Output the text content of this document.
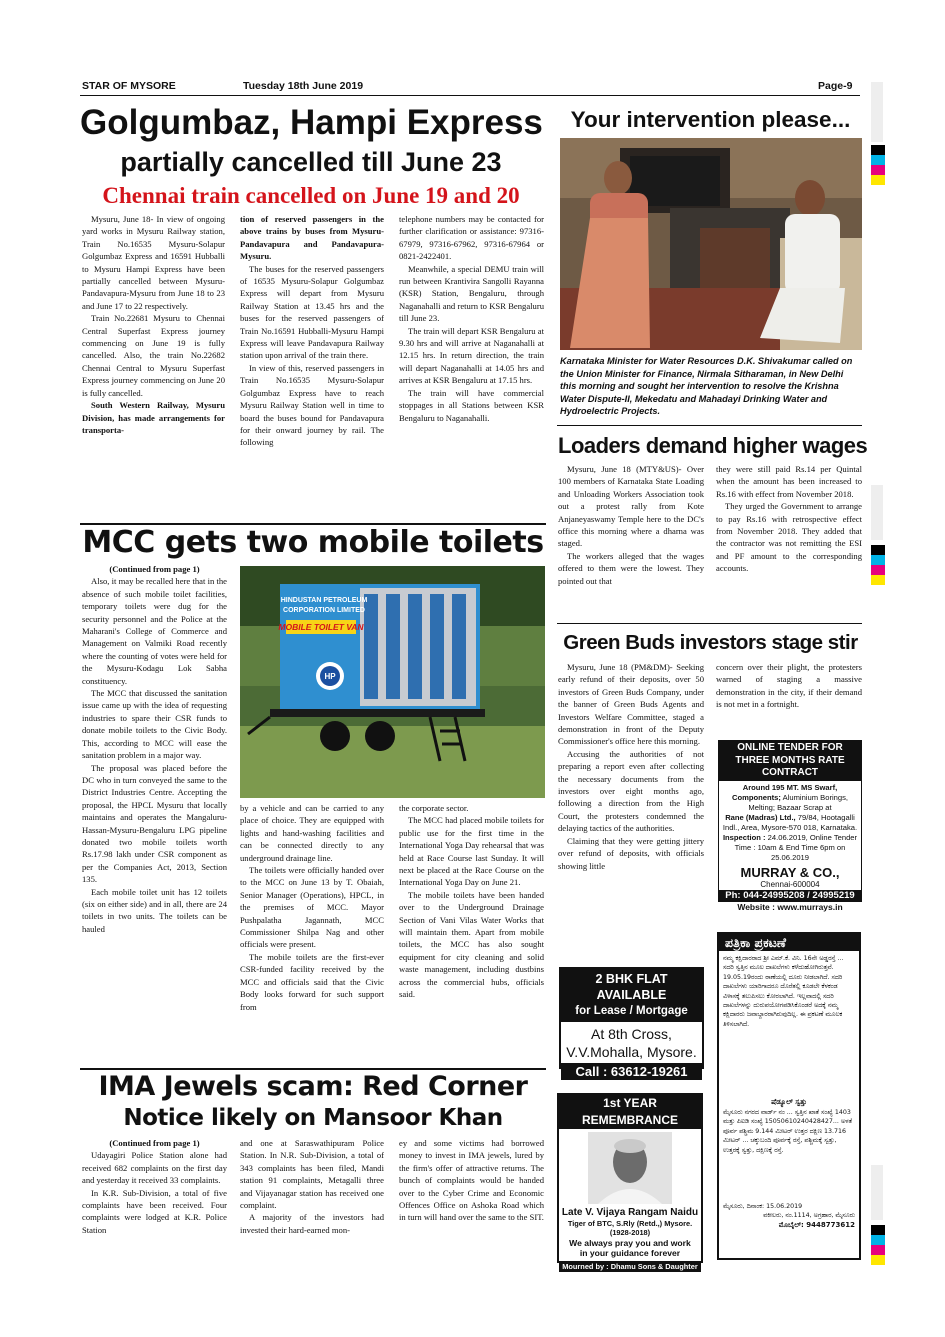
STAR OF MYSORE	Tuesday 18th June 2019	Page-9
Golgumbaz, Hampi Express
partially cancelled till June 23
Chennai train cancelled on June 19 and 20

Mysuru, June 18- In view of ongoing yard works in Mysuru Railway station, Train No.16535 Mysuru-Solapur Golgumbaz Express and 16591 Hubballi to Mysuru Hampi Express have been partially cancelled between Mysuru-Pandavapura-Mysuru from June 18 to 23 and June 17 to 22 respectively.

Train No.22681 Mysuru to Chennai Central Superfast Express journey commencing on June 19 is fully cancelled. Also, the train No.22682 Chennai Central to Mysuru Superfast Express journey commencing on June 20 is fully cancelled.

South Western Railway, Mysuru Division, has made arrangements for transporta-

tion of reserved passengers in the above trains by buses from Mysuru-Pandavapura and Pandavapura-Mysuru.

The buses for the reserved passengers of 16535 Mysuru-Solapur Golgumbaz Express will depart from Mysuru Railway Station at 13.45 hrs and the buses for the reserved passengers of Train No.16591 Hubballi-Mysuru Hampi Express will leave Pandavapura Railway station upon arrival of the train there.

In view of this, reserved passengers in Train No.16535 Mysuru-Solapur Golgumbaz Express have to reach Mysuru Railway Station well in time to board the buses bound for Pandavapura for their onward journey by rail. The following

telephone numbers may be contacted for further clarification or assistance: 97316-67979, 97316-67962, 97316-67964 or 0821-2422401.

Meanwhile, a special DEMU train will run between Krantivira Sangolli Rayanna (KSR) Station, Bengaluru, through Naganahalli and return to KSR Bengaluru till June 23.

The train will depart KSR Bengaluru at 9.30 hrs and will arrive at Naganahalli at 12.15 hrs. In return direction, the train will depart Naganahalli at 14.05 hrs and arrives at KSR Bengaluru at 17.15 hrs.

The train will have commercial stoppages in all Stations between KSR Bengaluru to Naganahalli.

Your intervention please...
Karnataka Minister for Water Resources D.K. Shivakumar called on the Union Minister for Finance, Nirmala Sitharaman, in New Delhi this morning and sought her intervention to resolve the Krishna Water Dispute-II, Mekedatu and Mahadayi Drinking Water and Hydroelectric Projects.
Loaders demand higher wages

Mysuru, June 18 (MTY&US)- Over 100 members of Karnataka State Loading and Unloading Workers Association took out a protest rally from Kote Anjaneyaswamy Temple here to the DC's office this morning where a dharna was staged.

The workers alleged that the wages offered to them were the lowest. They pointed out that

they were still paid Rs.14 per Quintal when the amount has been increased to Rs.16 with effect from November 2018.

They urged the Government to arrange to pay Rs.16 with retrospective effect from November 2018. They added that the contractor was not remitting the ESI and PF amount to the corresponding accounts.

Green Buds investors stage stir

Mysuru, June 18 (PM&DM)- Seeking early refund of their deposits, over 50 investors of Green Buds Company, under the banner of Green Buds Agents and Investors Welfare Committee, staged a demonstration in front of the Deputy Commissioner's office here this morning.

Accusing the authorities of not preparing a report even after collecting the necessary documents from the investors over eight months ago, following a direction from the High Court, the protesters condemned the delaying tactics of the authorities.

Claiming that they were getting jittery over refund of deposits, with officials showing little

concern over their plight, the protesters warned of staging a massive demonstration in the city, if their demand is not met in a fortnight.

ONLINE TENDER FOR THREE MONTHS RATE CONTRACT
Around 195 MT. MS Swarf,
Components; Aluminium Borings, Melting; Bazaar Scrap at
Rane (Madras) Ltd., 79/84, Hootagalli Indl., Area, Mysore-570 018, Karnataka.
Inspection : 24.06.2019, Online Tender
Time : 10am & End Time 6pm on 25.06.2019
MURRAY & CO.,
Chennai-600004
Ph: 044-24995208 / 24995219
Website : www.murrays.in
2 BHK FLAT AVAILABLE
for Lease / Mortgage
At 8th Cross,
V.V.Mohalla, Mysore.
Call : 63612-19261
1st YEAR REMEMBRANCE
Late V. Vijaya Rangam Naidu
Tiger of BTC, S.Rly (Retd.,) Mysore.
(1928-2018)
We always pray you and work
in your guidance forever
Mourned by : Dhamu Sons & Daughter
ಪತ್ರಿಕಾ ಪ್ರಕಟಣೆ
ನಮ್ಮ ಕಕ್ಷಿದಾರರಾದ ಶ್ರೀ ಎಮ್.ಕೆ. ವಿನಿ. 16ನೇ ಅಡ್ಡರಸ್ತೆ ... ಸದರಿ ಸ್ವತ್ತಿನ ಮೂಲ ದಾಖಲೆಗಳು ಕಳೆದುಹೋಗಿರುತ್ತವೆ. 19.05.19ರಂದು ಠಾಣೆಯಲ್ಲಿ ದೂರು ನೀಡಲಾಗಿದೆ. ಸದರಿ ದಾಖಲೆಗಳು ಯಾರಿಗಾದರೂ ದೊರೆತಲ್ಲಿ ಕೂಡಲೇ ಕೆಳಕಂಡ ವಿಳಾಸಕ್ಕೆ ತಲುಪಿಸಲು ಕೋರಲಾಗಿದೆ. ಇಲ್ಲವಾದಲ್ಲಿ ಸದರಿ ದಾಖಲೆಗಳನ್ನು ದುರುಪಯೋಗಪಡಿಸಿಕೊಂಡರೆ ಅದಕ್ಕೆ ನಮ್ಮ ಕಕ್ಷಿದಾರರು ಜವಾಬ್ದಾರರಾಗಿರುವುದಿಲ್ಲ. ಈ ಪ್ರಕಟಣೆ ಮೂಲಕ ತಿಳಿಸಲಾಗಿದೆ.
ಷೆಡ್ಯೂಲ್ ಸ್ವತ್ತು
ಮೈಸೂರು ನಗರದ ವಾರ್ಡ್ ನಂ ... ಸ್ವತ್ತಿನ ಖಾತೆ ಸಂಖ್ಯೆ 1403 ಮತ್ತು ಪಿಐಡಿ ಸಂಖ್ಯೆ 15050610240428427... ಅಳತೆ ಪೂರ್ವ ಪಶ್ಚಿಮ 9.144 ಮೀಟರ್ ಉತ್ತರ ದಕ್ಷಿಣ 13.716 ಮೀಟರ್ ... ಚಕ್ಕುಬಂದಿ ಪೂರ್ವಕ್ಕೆ ರಸ್ತೆ, ಪಶ್ಚಿಮಕ್ಕೆ ಸ್ವತ್ತು, ಉತ್ತರಕ್ಕೆ ಸ್ವತ್ತು, ದಕ್ಷಿಣಕ್ಕೆ ರಸ್ತೆ.
ಮೈಸೂರು, ದಿನಾಂಕ: 15.06.2019
ವಕೀಲರು, ನಂ.1114, ಅಗ್ರಹಾರ, ಮೈಸೂರು
ಮೊಬೈಲ್: 9448773612
MCC gets two mobile toilets

(Continued from page 1)

Also, it may be recalled here that in the absence of such mobile toilet facilities, temporary toilets were dug for the security personnel and the Police at the Maharani's College of Commerce and Management on Valmiki Road recently where the counting of votes were held for the Mysuru-Kodagu Lok Sabha constituency.

The MCC that discussed the sanitation issue came up with the idea of requesting industries to spare their CSR funds to donate mobile toilets to the Civic Body. This, according to MCC will ease the sanitation problem in a major way.

The proposal was placed before the DC who in turn conveyed the same to the District Industries Centre. Accepting the proposal, the HPCL Mysuru that locally maintains and operates the Mangaluru-Hassan-Mysuru-Bengaluru LPG pipeline donated two mobile toilets worth Rs.17.98 lakh under CSR component as per the Companies Act, 2013, Section 135.

Each mobile toilet unit has 12 toilets (six on either side) and in all, there are 24 toilets in two units. The toilets can be hauled

HINDUSTAN PETROLEUM
CORPORATION LIMITED
MOBILE TOILET VAN
HP

by a vehicle and can be carried to any place of choice. They are equipped with lights and hand-washing facilities and can be connected directly to any underground drainage line.

The toilets were officially handed over to the MCC on June 13 by T. Obaiah, Senior Manager (Operations), HPCL, in the premises of MCC. Mayor Pushpalatha Jagannath, MCC Commissioner Shilpa Nag and other officials were present.

The mobile toilets are the first-ever CSR-funded facility received by the MCC and officials said that the Civic Body looks forward for such support from

the corporate sector.

The MCC had placed mobile toilets for public use for the first time in the International Yoga Day rehearsal that was held at Race Course last Sunday. It will next be placed at the Race Course on the International Yoga Day on June 21.

The mobile toilets have been handed over to the Underground Drainage Section of Vani Vilas Water Works that will maintain them. Apart from mobile toilets, the MCC has also sought equipment for city cleaning and solid waste management, including dustbins across the commercial hubs, officials said.

IMA Jewels scam: Red Corner
Notice likely on Mansoor Khan

(Continued from page 1)

Udayagiri Police Station alone had received 682 complaints on the first day and yesterday it received 33 complaints.

In K.R. Sub-Division, a total of five complaints have been received. Four complaints were lodged at K.R. Police Station

and one at Saraswathipuram Police Station. In N.R. Sub-Division, a total of 343 complaints has been filed, Mandi station 91 complaints, Metagalli three and Vijayanagar station has received one complaint.

A majority of the investors had invested their hard-earned mon-

ey and some victims had borrowed money to invest in IMA jewels, lured by the firm's offer of attractive returns. The bunch of complaints would be handed over to the Cyber Crime and Economic Offences Office on Ashoka Road which in turn will hand over the same to the SIT.
